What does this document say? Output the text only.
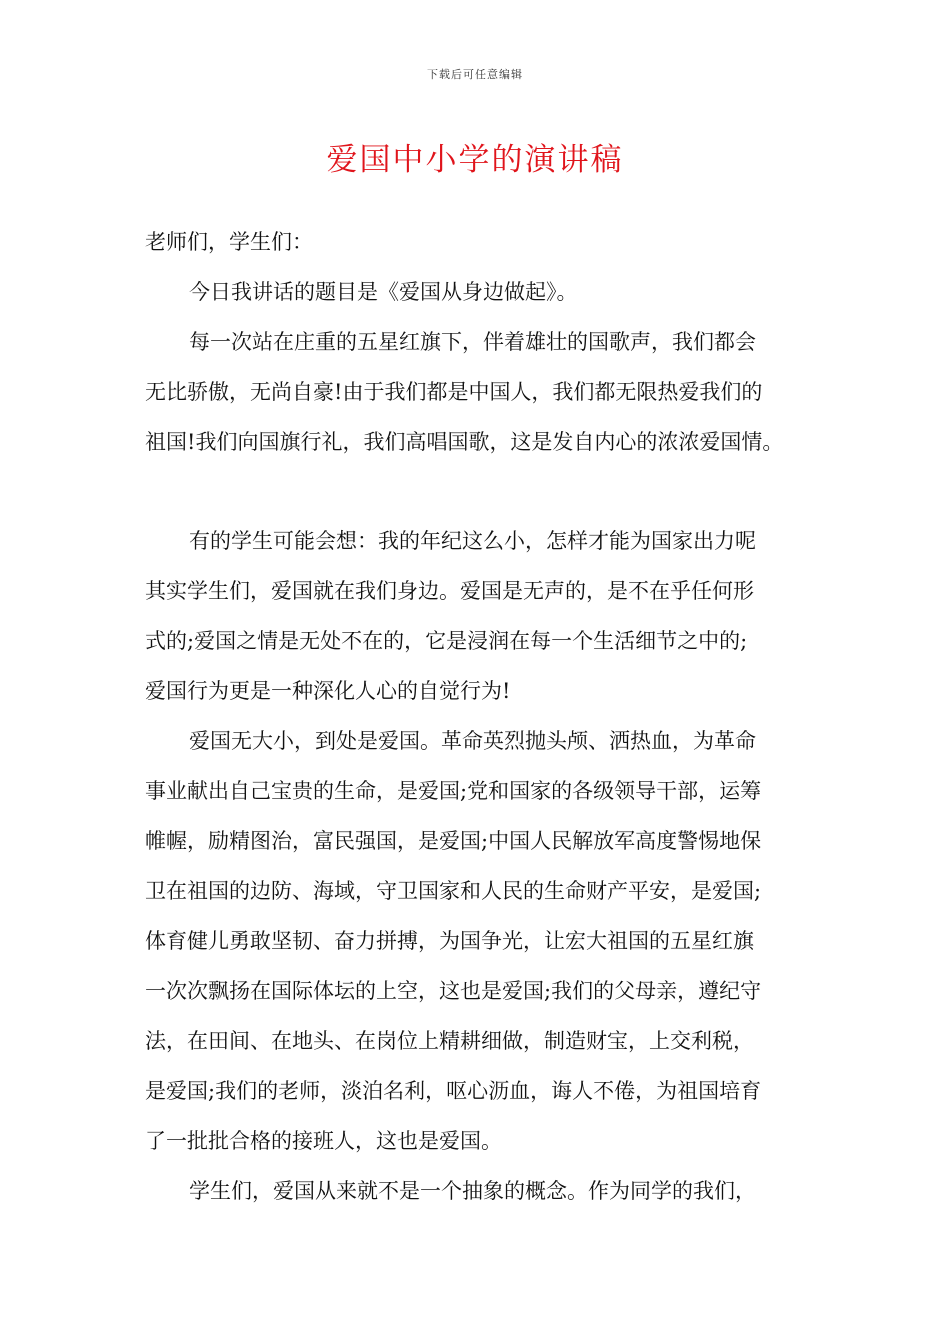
下载后可任意编辑
爱国中小学的演讲稿
老师们，学生们：
今日我讲话的题目是《爱国从身边做起》。
每一次站在庄重的五星红旗下，伴着雄壮的国歌声，我们都会
无比骄傲，无尚自豪!由于我们都是中国人，我们都无限热爱我们的
祖国!我们向国旗行礼，我们高唱国歌，这是发自内心的浓浓爱国情。
有的学生可能会想：我的年纪这么小，怎样才能为国家出力呢
其实学生们，爱国就在我们身边。爱国是无声的，是不在乎任何形
式的;爱国之情是无处不在的，它是浸润在每一个生活细节之中的;
爱国行为更是一种深化人心的自觉行为!
爱国无大小，到处是爱国。革命英烈抛头颅、洒热血，为革命
事业献出自己宝贵的生命，是爱国;党和国家的各级领导干部，运筹
帷幄，励精图治，富民强国，是爱国;中国人民解放军高度警惕地保
卫在祖国的边防、海域，守卫国家和人民的生命财产平安，是爱国;
体育健儿勇敢坚韧、奋力拼搏，为国争光，让宏大祖国的五星红旗
一次次飘扬在国际体坛的上空，这也是爱国;我们的父母亲，遵纪守
法，在田间、在地头、在岗位上精耕细做，制造财宝，上交利税，
是爱国;我们的老师，淡泊名利，呕心沥血，诲人不倦，为祖国培育
了一批批合格的接班人，这也是爱国。
学生们，爱国从来就不是一个抽象的概念。作为同学的我们，
